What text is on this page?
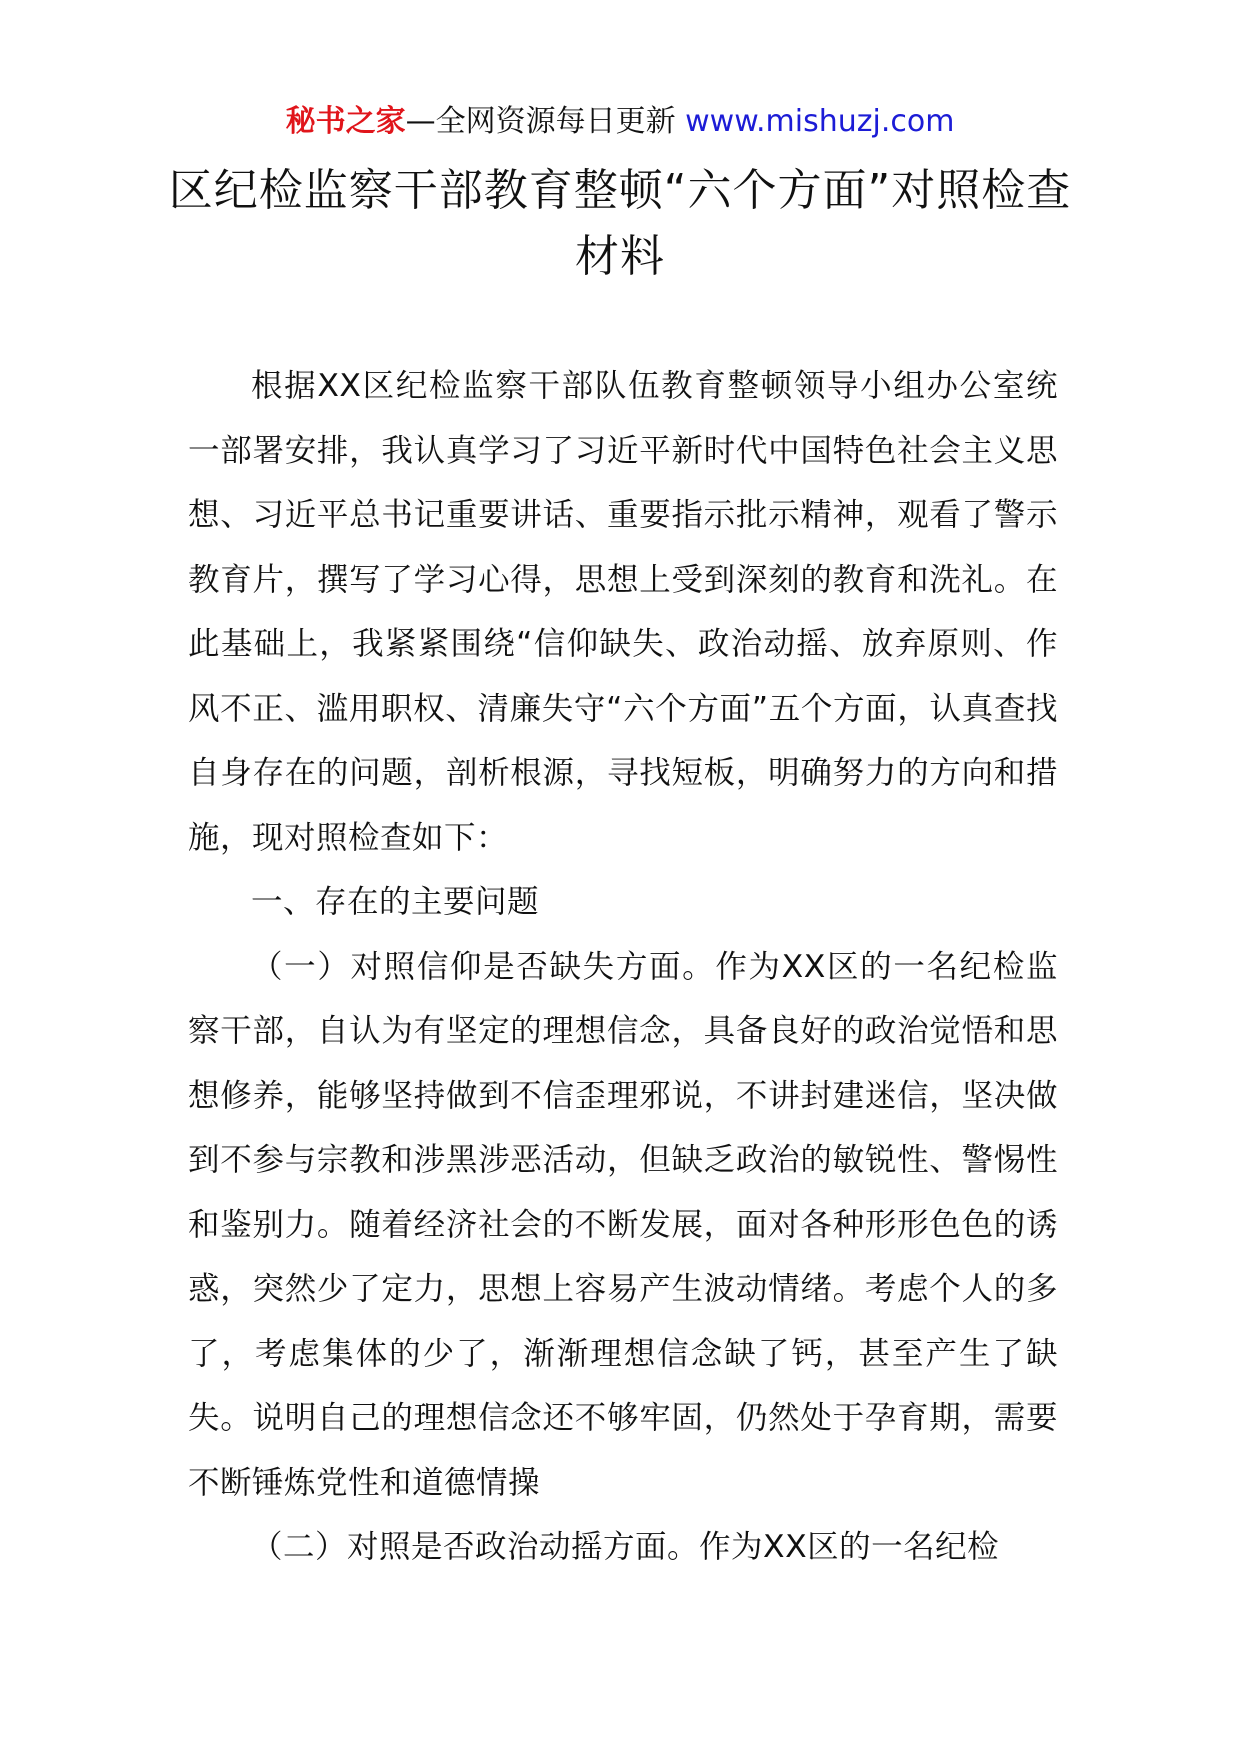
秘书之家—全网资源每日更新 www.mishuzj.com
区纪检监察干部教育整顿“六个方面”对照检查材料

根据XX区纪检监察干部队伍教育整顿领导小组办公室统一部署安排，我认真学习了习近平新时代中国特色社会主义思想、习近平总书记重要讲话、重要指示批示精神，观看了警示教育片，撰写了学习心得，思想上受到深刻的教育和洗礼。在此基础上，我紧紧围绕“信仰缺失、政治动摇、放弃原则、作风不正、滥用职权、清廉失守“六个方面”五个方面，认真查找自身存在的问题，剖析根源，寻找短板，明确努力的方向和措施，现对照检查如下：

一、存在的主要问题

（一）对照信仰是否缺失方面。作为XX区的一名纪检监察干部，自认为有坚定的理想信念，具备良好的政治觉悟和思想修养，能够坚持做到不信歪理邪说，不讲封建迷信，坚决做到不参与宗教和涉黑涉恶活动，但缺乏政治的敏锐性、警惕性和鉴别力。随着经济社会的不断发展，面对各种形形色色的诱惑，突然少了定力，思想上容易产生波动情绪。考虑个人的多了，考虑集体的少了，渐渐理想信念缺了钙，甚至产生了缺失。说明自己的理想信念还不够牢固，仍然处于孕育期，需要不断锤炼党性和道德情操

（二）对照是否政治动摇方面。作为XX区的一名纪检
